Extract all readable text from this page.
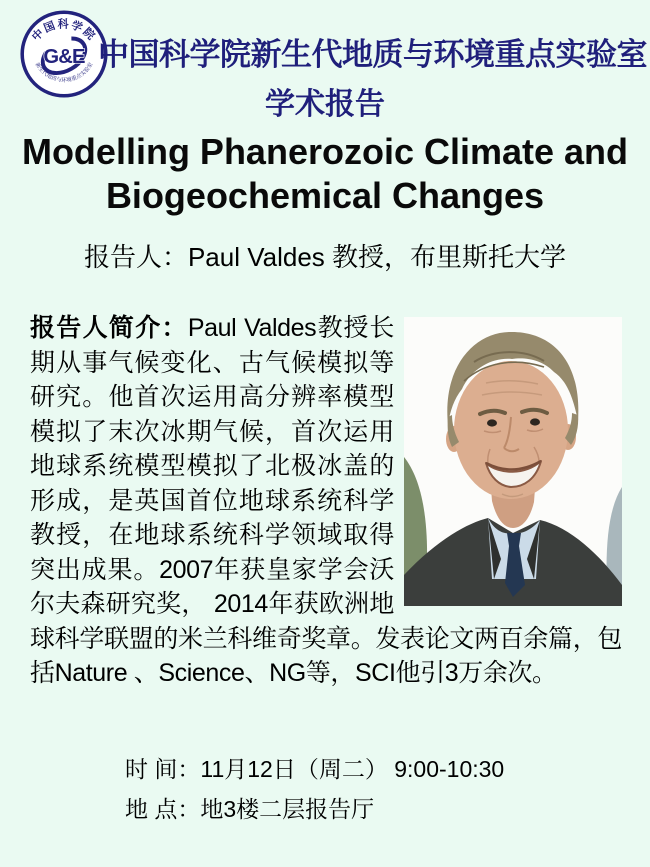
中国科学院
新生代地质与环境重点实验室
G&E 中国科学院新生代地质与环境重点实验室
学术报告
Modelling Phanerozoic Climate and
Biogeochemical Changes
报告人：Paul Valdes 教授，布里斯托大学
报告人简介：Paul Valdes教授长期从事气候变化、古气候模拟等研究。他首次运用高分辨率模型模拟了末次冰期气候，首次运用地球系统模型模拟了北极冰盖的形成，是英国首位地球系统科学教授，在地球系统科学领域取得突出成果。2007年获皇家学会沃尔夫森研究奖， 2014年获欧洲地球科学联盟的米兰科维奇奖章。发表论文两百余篇，包括Nature 、Science、NG等，SCI他引3万余次。
时 间：11月12日（周二） 9:00-10:30
地 点：地3楼二层报告厅
